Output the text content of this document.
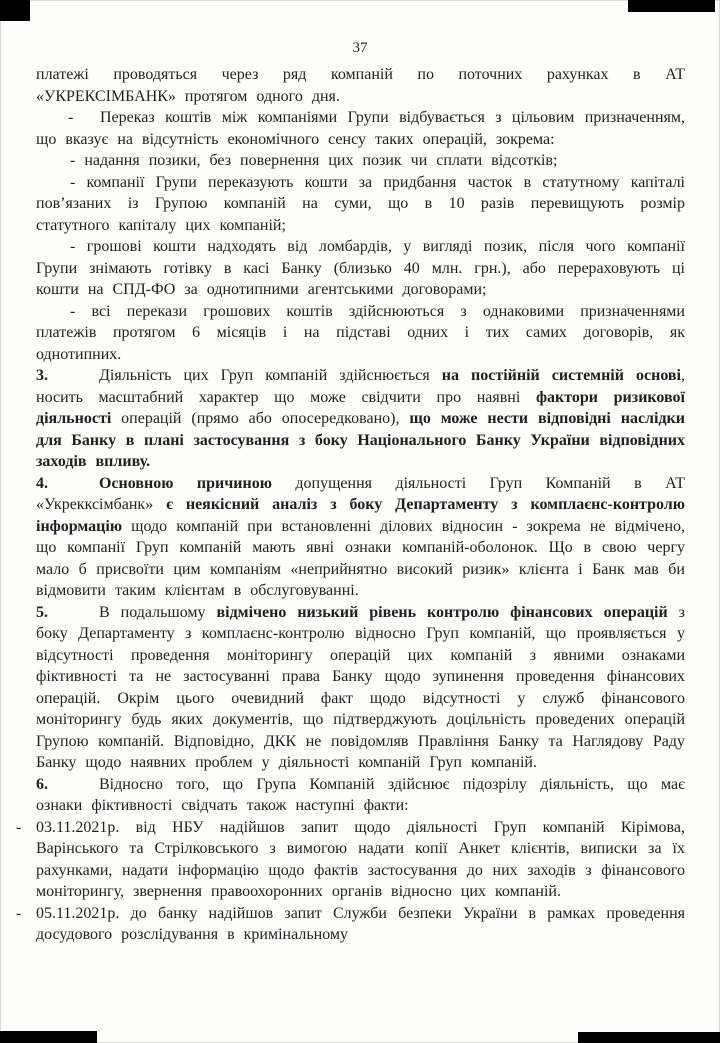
37

платежі проводяться через ряд компаній по поточних рахунках в АТ «УКРЕКСІМБАНК» протягом одного дня.

- Переказ коштів між компаніями Групи відбувається з цільовим призначенням, що вказує на відсутність економічного сенсу таких операцій, зокрема:

- надання позики, без повернення цих позик чи сплати відсотків;

- компанії Групи переказують кошти за придбання часток в статутному капіталі пов’язаних із Групою компаній на суми, що в 10 разів перевищують розмір статутного капіталу цих компаній;

- грошові кошти надходять від ломбардів, у вигляді позик, після чого компанії Групи знімають готівку в касі Банку (близько 40 млн. грн.), або перераховують ці кошти на СПД-ФО за однотипними агентськими договорами;

- всі перекази грошових коштів здійснюються з однаковими призначеннями платежів протягом 6 місяців і на підставі одних і тих самих договорів, як однотипних.

3.	Діяльність цих Груп компаній здійснюється на постійній системній основі, носить масштабний характер що може свідчити про наявні фактори ризикової діяльності операцій (прямо або опосередковано), що може нести відповідні наслідки для Банку в плані застосування з боку Національного Банку України відповідних заходів впливу.

4.	Основною причиною допущення діяльності Груп Компаній в АТ «Укрекксімбанк» є неякісний аналіз з боку Департаменту з комплаєнс-контролю інформацію щодо компаній при встановленні ділових відносин - зокрема не відмічено, що компанії Груп компаній мають явні ознаки компаній-оболонок. Що в свою чергу мало б присвоїти цим компаніям «неприйнятно високий ризик» клієнта і Банк мав би відмовити таким клієнтам в обслуговуванні.

5.	В подальшому відмічено низький рівень контролю фінансових операцій з боку Департаменту з комплаєнс-контролю відносно Груп компаній, що проявляється у відсутності проведення моніторингу операцій цих компаній з явними ознаками фіктивності та не застосуванні права Банку щодо зупинення проведення фінансових операцій. Окрім цього очевидний факт щодо відсутності у служб фінансового моніторингу будь яких документів, що підтверджують доцільність проведених операцій Групою компаній. Відповідно, ДКК не повідомляв Правління Банку та Наглядову Раду Банку щодо наявних проблем у діяльності компаній Груп компаній.

6.	Відносно того, що Група Компаній здійснює підозрілу діяльність, що має ознаки фіктивності свідчать також наступні факти:

- 03.11.2021р. від НБУ надійшов запит щодо діяльності Груп компаній Кірімова, Варінського та Стрілковського з вимогою надати копії Анкет клієнтів, виписки за їх рахунками, надати інформацію щодо фактів застосування до них заходів з фінансового моніторингу, звернення правоохоронних органів відносно цих компаній.

- 05.11.2021р. до банку надійшов запит Служби безпеки України в рамках проведення досудового розслідування в кримінальному
